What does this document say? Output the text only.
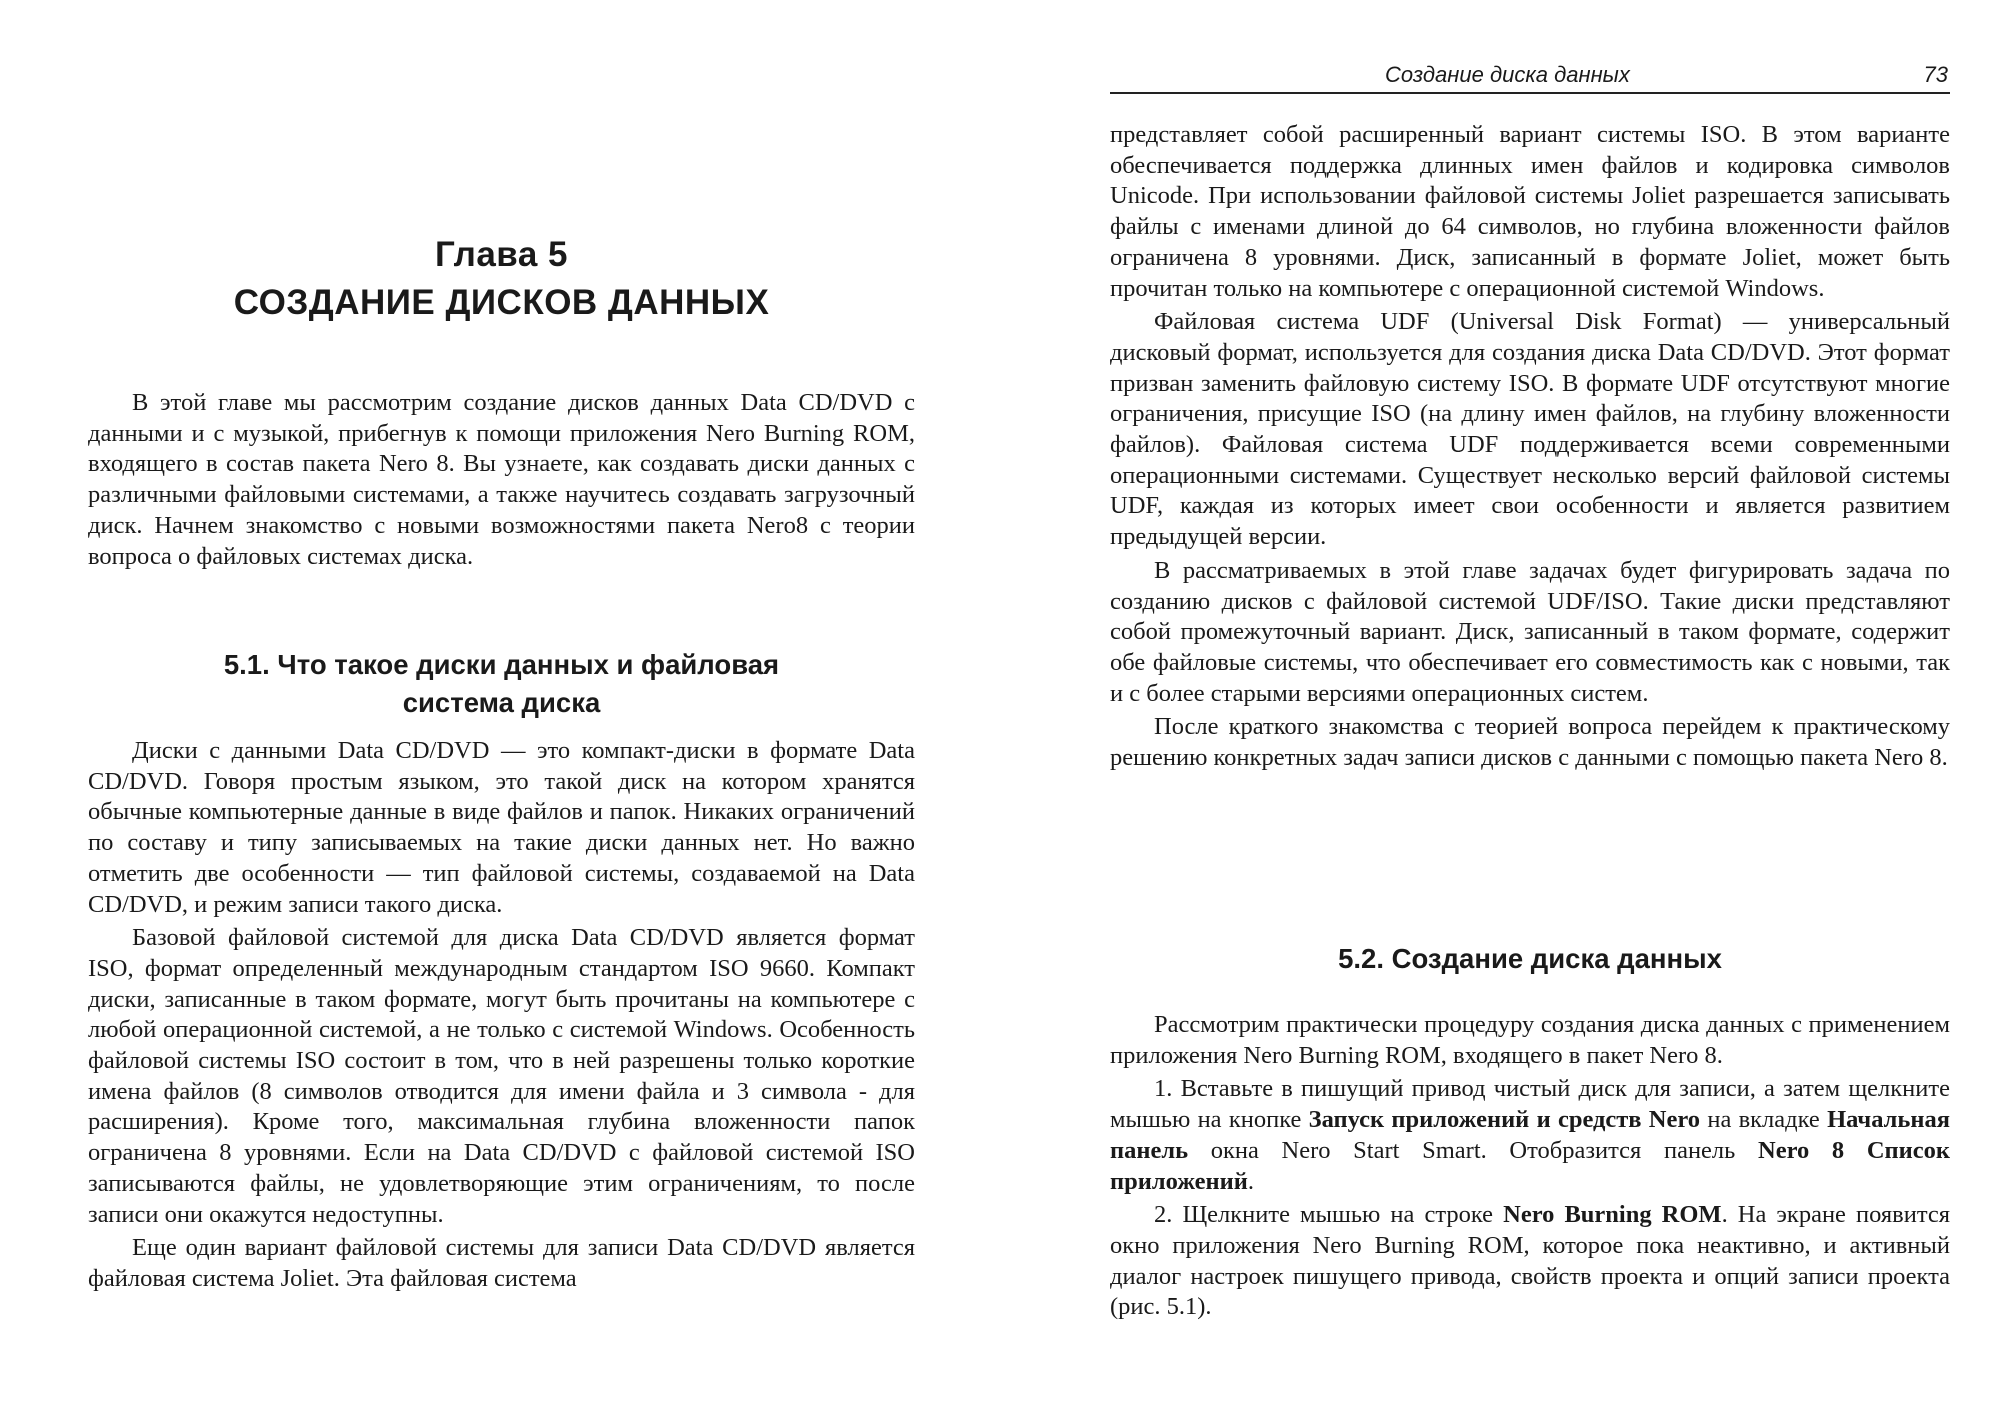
Глава 5
СОЗДАНИЕ ДИСКОВ ДАННЫХ

В этой главе мы рассмотрим создание дисков данных Data CD/DVD с данными и с музыкой, прибегнув к помощи приложения Nero Burning ROM, входящего в состав пакета Nero 8. Вы узнаете, как создавать диски данных с различными файловыми системами, а также научитесь создавать загрузочный диск. Начнем знакомство с новыми возможностями пакета Nero8 с теории вопроса о файловых системах диска.

5.1. Что такое диски данных и файловая
система диска

Диски с данными Data CD/DVD — это компакт-диски в формате Data CD/DVD. Говоря простым языком, это такой диск на котором хранятся обычные компьютерные данные в виде файлов и папок. Никаких ограничений по составу и типу записываемых на такие диски данных нет. Но важно отметить две особенности — тип файловой системы, создаваемой на Data CD/DVD, и режим записи такого диска.

Базовой файловой системой для диска Data CD/DVD является формат ISO, формат определенный международным стандартом ISO 9660. Компакт диски, записанные в таком формате, могут быть прочитаны на компьютере с любой операционной системой, а не только с системой Windows. Особенность файловой системы ISO состоит в том, что в ней разрешены только короткие имена файлов (8 символов отводится для имени файла и 3 символа - для расширения). Кроме того, максимальная глубина вложенности папок ограничена 8 уровнями. Если на Data CD/DVD с файловой системой ISO записываются файлы, не удовлетворяющие этим ограничениям, то после записи они окажутся недоступны.

Еще один вариант файловой системы для записи Data CD/DVD является файловая система Joliet. Эта файловая система

Создание диска данных	73

представляет собой расширенный вариант системы ISO. В этом варианте обеспечивается поддержка длинных имен файлов и кодировка символов Unicode. При использовании файловой системы Joliet разрешается записывать файлы с именами длиной до 64 символов, но глубина вложенности файлов ограничена 8 уровнями. Диск, записанный в формате Joliet, может быть прочитан только на компьютере с операционной системой Windows.

Файловая система UDF (Universal Disk Format) — универсальный дисковый формат, используется для создания диска Data CD/DVD. Этот формат призван заменить файловую систему ISO. В формате UDF отсутствуют многие ограничения, присущие ISO (на длину имен файлов, на глубину вложенности файлов). Файловая система UDF поддерживается всеми современными операционными системами. Существует несколько версий файловой системы UDF, каждая из которых имеет свои особенности и является развитием предыдущей версии.

В рассматриваемых в этой главе задачах будет фигурировать задача по созданию дисков с файловой системой UDF/ISO. Такие диски представляют собой промежуточный вариант. Диск, записанный в таком формате, содержит обе файловые системы, что обеспечивает его совместимость как с новыми, так и с более старыми версиями операционных систем.

После краткого знакомства с теорией вопроса перейдем к практическому решению конкретных задач записи дисков с данными с помощью пакета Nero 8.

5.2. Создание диска данных

Рассмотрим практически процедуру создания диска данных с применением приложения Nero Burning ROM, входящего в пакет Nero 8.

1. Вставьте в пишущий привод чистый диск для записи, а затем щелкните мышью на кнопке Запуск приложений и средств Nero на вкладке Начальная панель окна Nero Start Smart. Отобразится панель Nero 8 Список приложений.

2. Щелкните мышью на строке Nero Burning ROM. На экране появится окно приложения Nero Burning ROM, которое пока неактивно, и активный диалог настроек пишущего привода, свойств проекта и опций записи проекта (рис. 5.1).
